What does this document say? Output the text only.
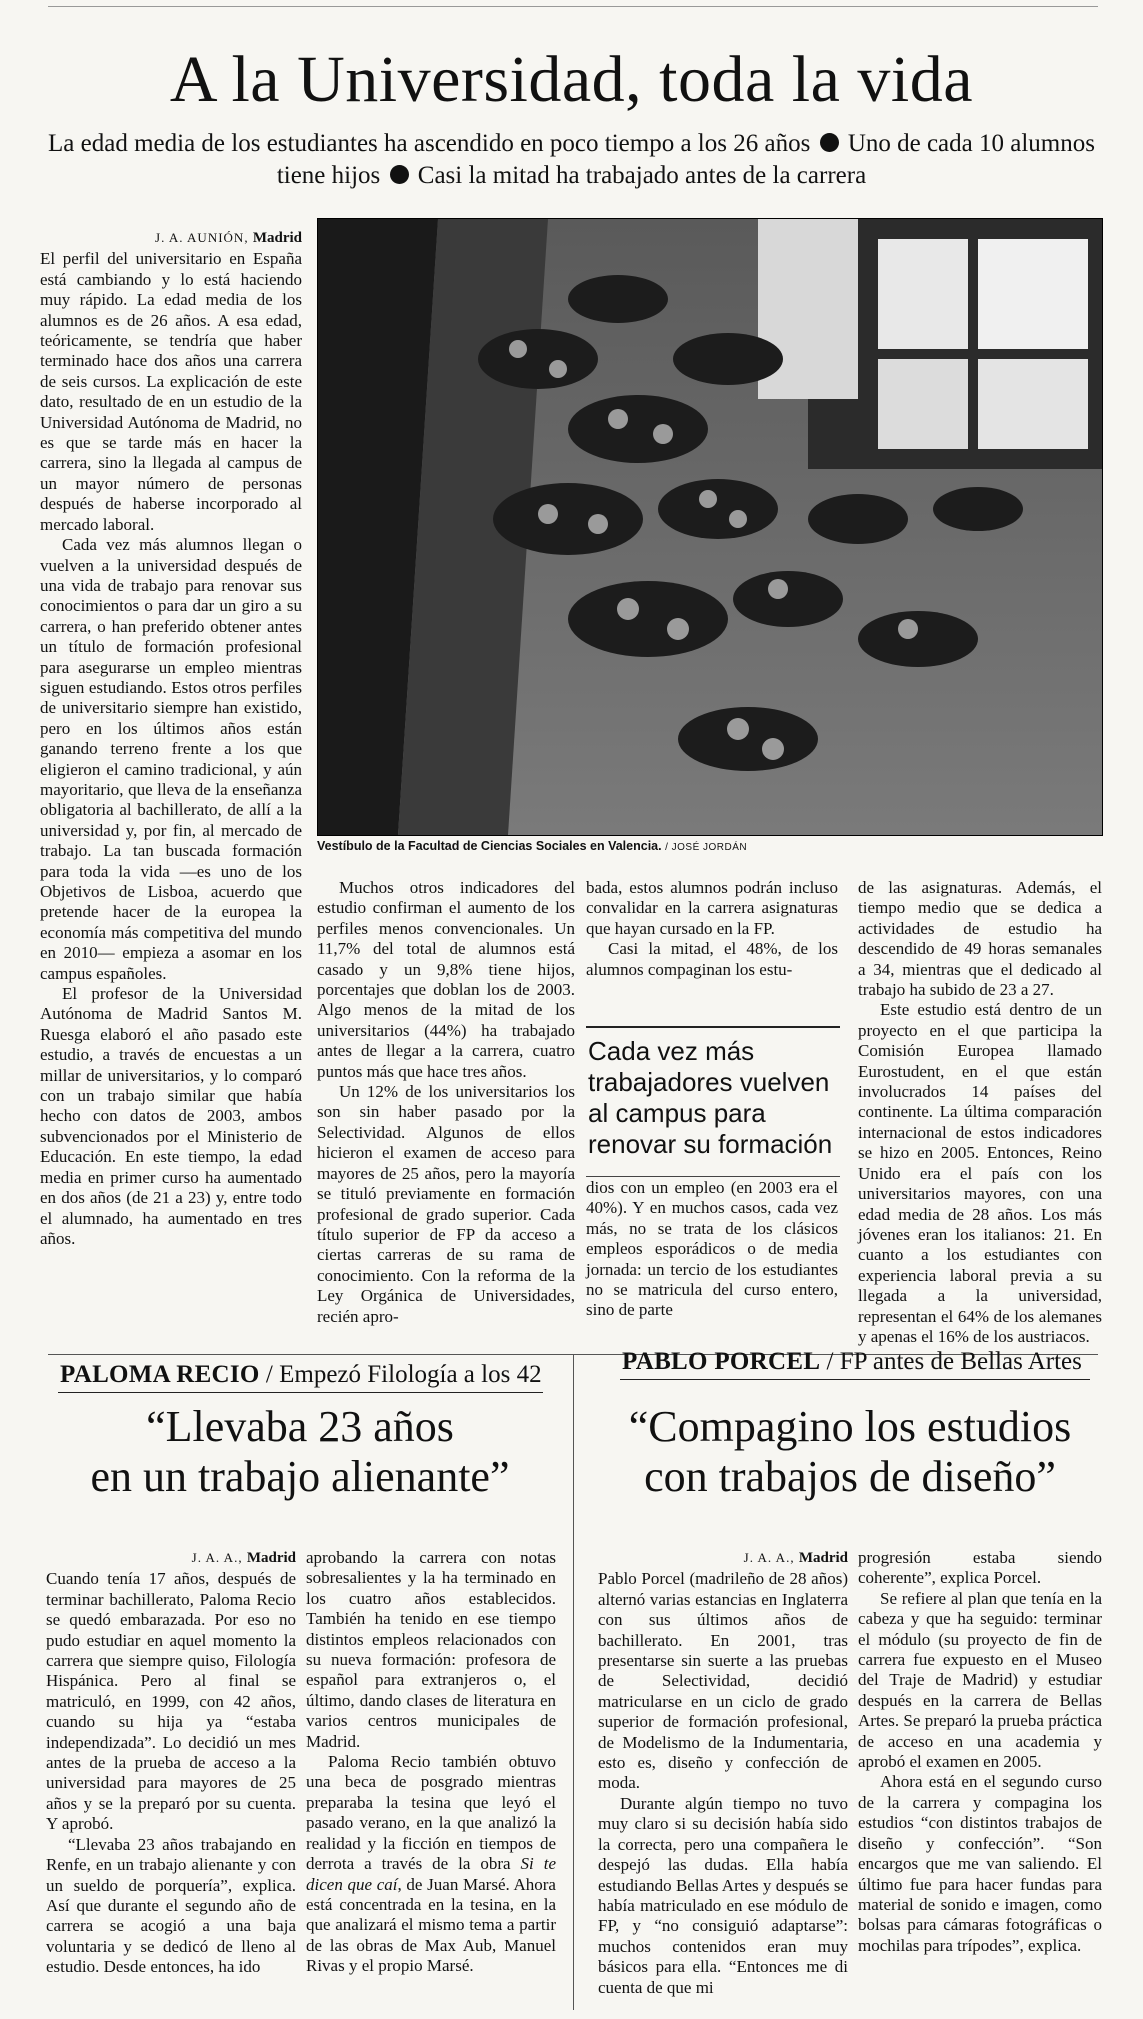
A la Universidad, toda la vida
La edad media de los estudiantes ha ascendido en poco tiempo a los 26 años Uno de cada 10 alumnos tiene hijos Casi la mitad ha trabajado antes de la carrera
J. A. AUNIÓN, Madrid

El perfil del universitario en España está cambiando y lo está haciendo muy rápido. La edad media de los alumnos es de 26 años. A esa edad, teóricamente, se tendría que haber terminado hace dos años una carrera de seis cursos. La explicación de este dato, resultado de en un estudio de la Universidad Autónoma de Madrid, no es que se tarde más en hacer la carrera, sino la llegada al campus de un mayor número de personas después de haberse incorporado al mercado laboral.

Cada vez más alumnos llegan o vuelven a la universidad después de una vida de trabajo para renovar sus conocimientos o para dar un giro a su carrera, o han preferido obtener antes un título de formación profesional para asegurarse un empleo mientras siguen estudiando. Estos otros perfiles de universitario siempre han existido, pero en los últimos años están ganando terreno frente a los que eligieron el camino tradicional, y aún mayoritario, que lleva de la enseñanza obligatoria al bachillerato, de allí a la universidad y, por fin, al mercado de trabajo. La tan buscada formación para toda la vida —es uno de los Objetivos de Lisboa, acuerdo que pretende hacer de la europea la economía más competitiva del mundo en 2010— empieza a asomar en los campus españoles.

El profesor de la Universidad Autónoma de Madrid Santos M. Ruesga elaboró el año pasado este estudio, a través de encuestas a un millar de universitarios, y lo comparó con un trabajo similar que había hecho con datos de 2003, ambos subvencionados por el Ministerio de Educación. En este tiempo, la edad media en primer curso ha aumentado en dos años (de 21 a 23) y, entre todo el alumnado, ha aumentado en tres años.

Vestíbulo de la Facultad de Ciencias Sociales en Valencia. / JOSÉ JORDÁN

Muchos otros indicadores del estudio confirman el aumento de los perfiles menos convencionales. Un 11,7% del total de alumnos está casado y un 9,8% tiene hijos, porcentajes que doblan los de 2003. Algo menos de la mitad de los universitarios (44%) ha trabajado antes de llegar a la carrera, cuatro puntos más que hace tres años.

Un 12% de los universitarios los son sin haber pasado por la Selectividad. Algunos de ellos hicieron el examen de acceso para mayores de 25 años, pero la mayoría se tituló previamente en formación profesional de grado superior. Cada título superior de FP da acceso a ciertas carreras de su rama de conocimiento. Con la reforma de la Ley Orgánica de Universidades, recién apro-

bada, estos alumnos podrán incluso convalidar en la carrera asignaturas que hayan cursado en la FP.

Casi la mitad, el 48%, de los alumnos compaginan los estu-

Cada vez más trabajadores vuelven al campus para renovar su formación

dios con un empleo (en 2003 era el 40%). Y en muchos casos, cada vez más, no se trata de los clásicos empleos esporádicos o de media jornada: un tercio de los estudiantes no se matricula del curso entero, sino de parte

de las asignaturas. Además, el tiempo medio que se dedica a actividades de estudio ha descendido de 49 horas semanales a 34, mientras que el dedicado al trabajo ha subido de 23 a 27.

Este estudio está dentro de un proyecto en el que participa la Comisión Europea llamado Eurostudent, en el que están involucrados 14 países del continente. La última comparación internacional de estos indicadores se hizo en 2005. Entonces, Reino Unido era el país con los universitarios mayores, con una edad media de 28 años. Los más jóvenes eran los italianos: 21. En cuanto a los estudiantes con experiencia laboral previa a su llegada a la universidad, representan el 64% de los alemanes y apenas el 16% de los austriacos.

PALOMA RECIO / Empezó Filología a los 42
“Llevaba 23 años
en un trabajo alienante”
J. A. A., Madrid

Cuando tenía 17 años, después de terminar bachillerato, Paloma Recio se quedó embarazada. Por eso no pudo estudiar en aquel momento la carrera que siempre quiso, Filología Hispánica. Pero al final se matriculó, en 1999, con 42 años, cuando su hija ya “estaba independizada”. Lo decidió un mes antes de la prueba de acceso a la universidad para mayores de 25 años y se la preparó por su cuenta. Y aprobó.

“Llevaba 23 años trabajando en Renfe, en un trabajo alienante y con un sueldo de porquería”, explica. Así que durante el segundo año de carrera se acogió a una baja voluntaria y se dedicó de lleno al estudio. Desde entonces, ha ido

aprobando la carrera con notas sobresalientes y la ha terminado en los cuatro años establecidos. También ha tenido en ese tiempo distintos empleos relacionados con su nueva formación: profesora de español para extranjeros o, el último, dando clases de literatura en varios centros municipales de Madrid.

Paloma Recio también obtuvo una beca de posgrado mientras preparaba la tesina que leyó el pasado verano, en la que analizó la realidad y la ficción en tiempos de derrota a través de la obra Si te dicen que caí, de Juan Marsé. Ahora está concentrada en la tesina, en la que analizará el mismo tema a partir de las obras de Max Aub, Manuel Rivas y el propio Marsé.

PABLO PORCEL / FP antes de Bellas Artes
“Compagino los estudios
con trabajos de diseño”
J. A. A., Madrid

Pablo Porcel (madrileño de 28 años) alternó varias estancias en Inglaterra con sus últimos años de bachillerato. En 2001, tras presentarse sin suerte a las pruebas de Selectividad, decidió matricularse en un ciclo de grado superior de formación profesional, de Modelismo de la Indumentaria, esto es, diseño y confección de moda.

Durante algún tiempo no tuvo muy claro si su decisión había sido la correcta, pero una compañera le despejó las dudas. Ella había estudiando Bellas Artes y después se había matriculado en ese módulo de FP, y “no consiguió adaptarse”: muchos contenidos eran muy básicos para ella. “Entonces me di cuenta de que mi

progresión estaba siendo coherente”, explica Porcel.

Se refiere al plan que tenía en la cabeza y que ha seguido: terminar el módulo (su proyecto de fin de carrera fue expuesto en el Museo del Traje de Madrid) y estudiar después en la carrera de Bellas Artes. Se preparó la prueba práctica de acceso en una academia y aprobó el examen en 2005.

Ahora está en el segundo curso de la carrera y compagina los estudios “con distintos trabajos de diseño y confección”. “Son encargos que me van saliendo. El último fue para hacer fundas para material de sonido e imagen, como bolsas para cámaras fotográficas o mochilas para trípodes”, explica.
